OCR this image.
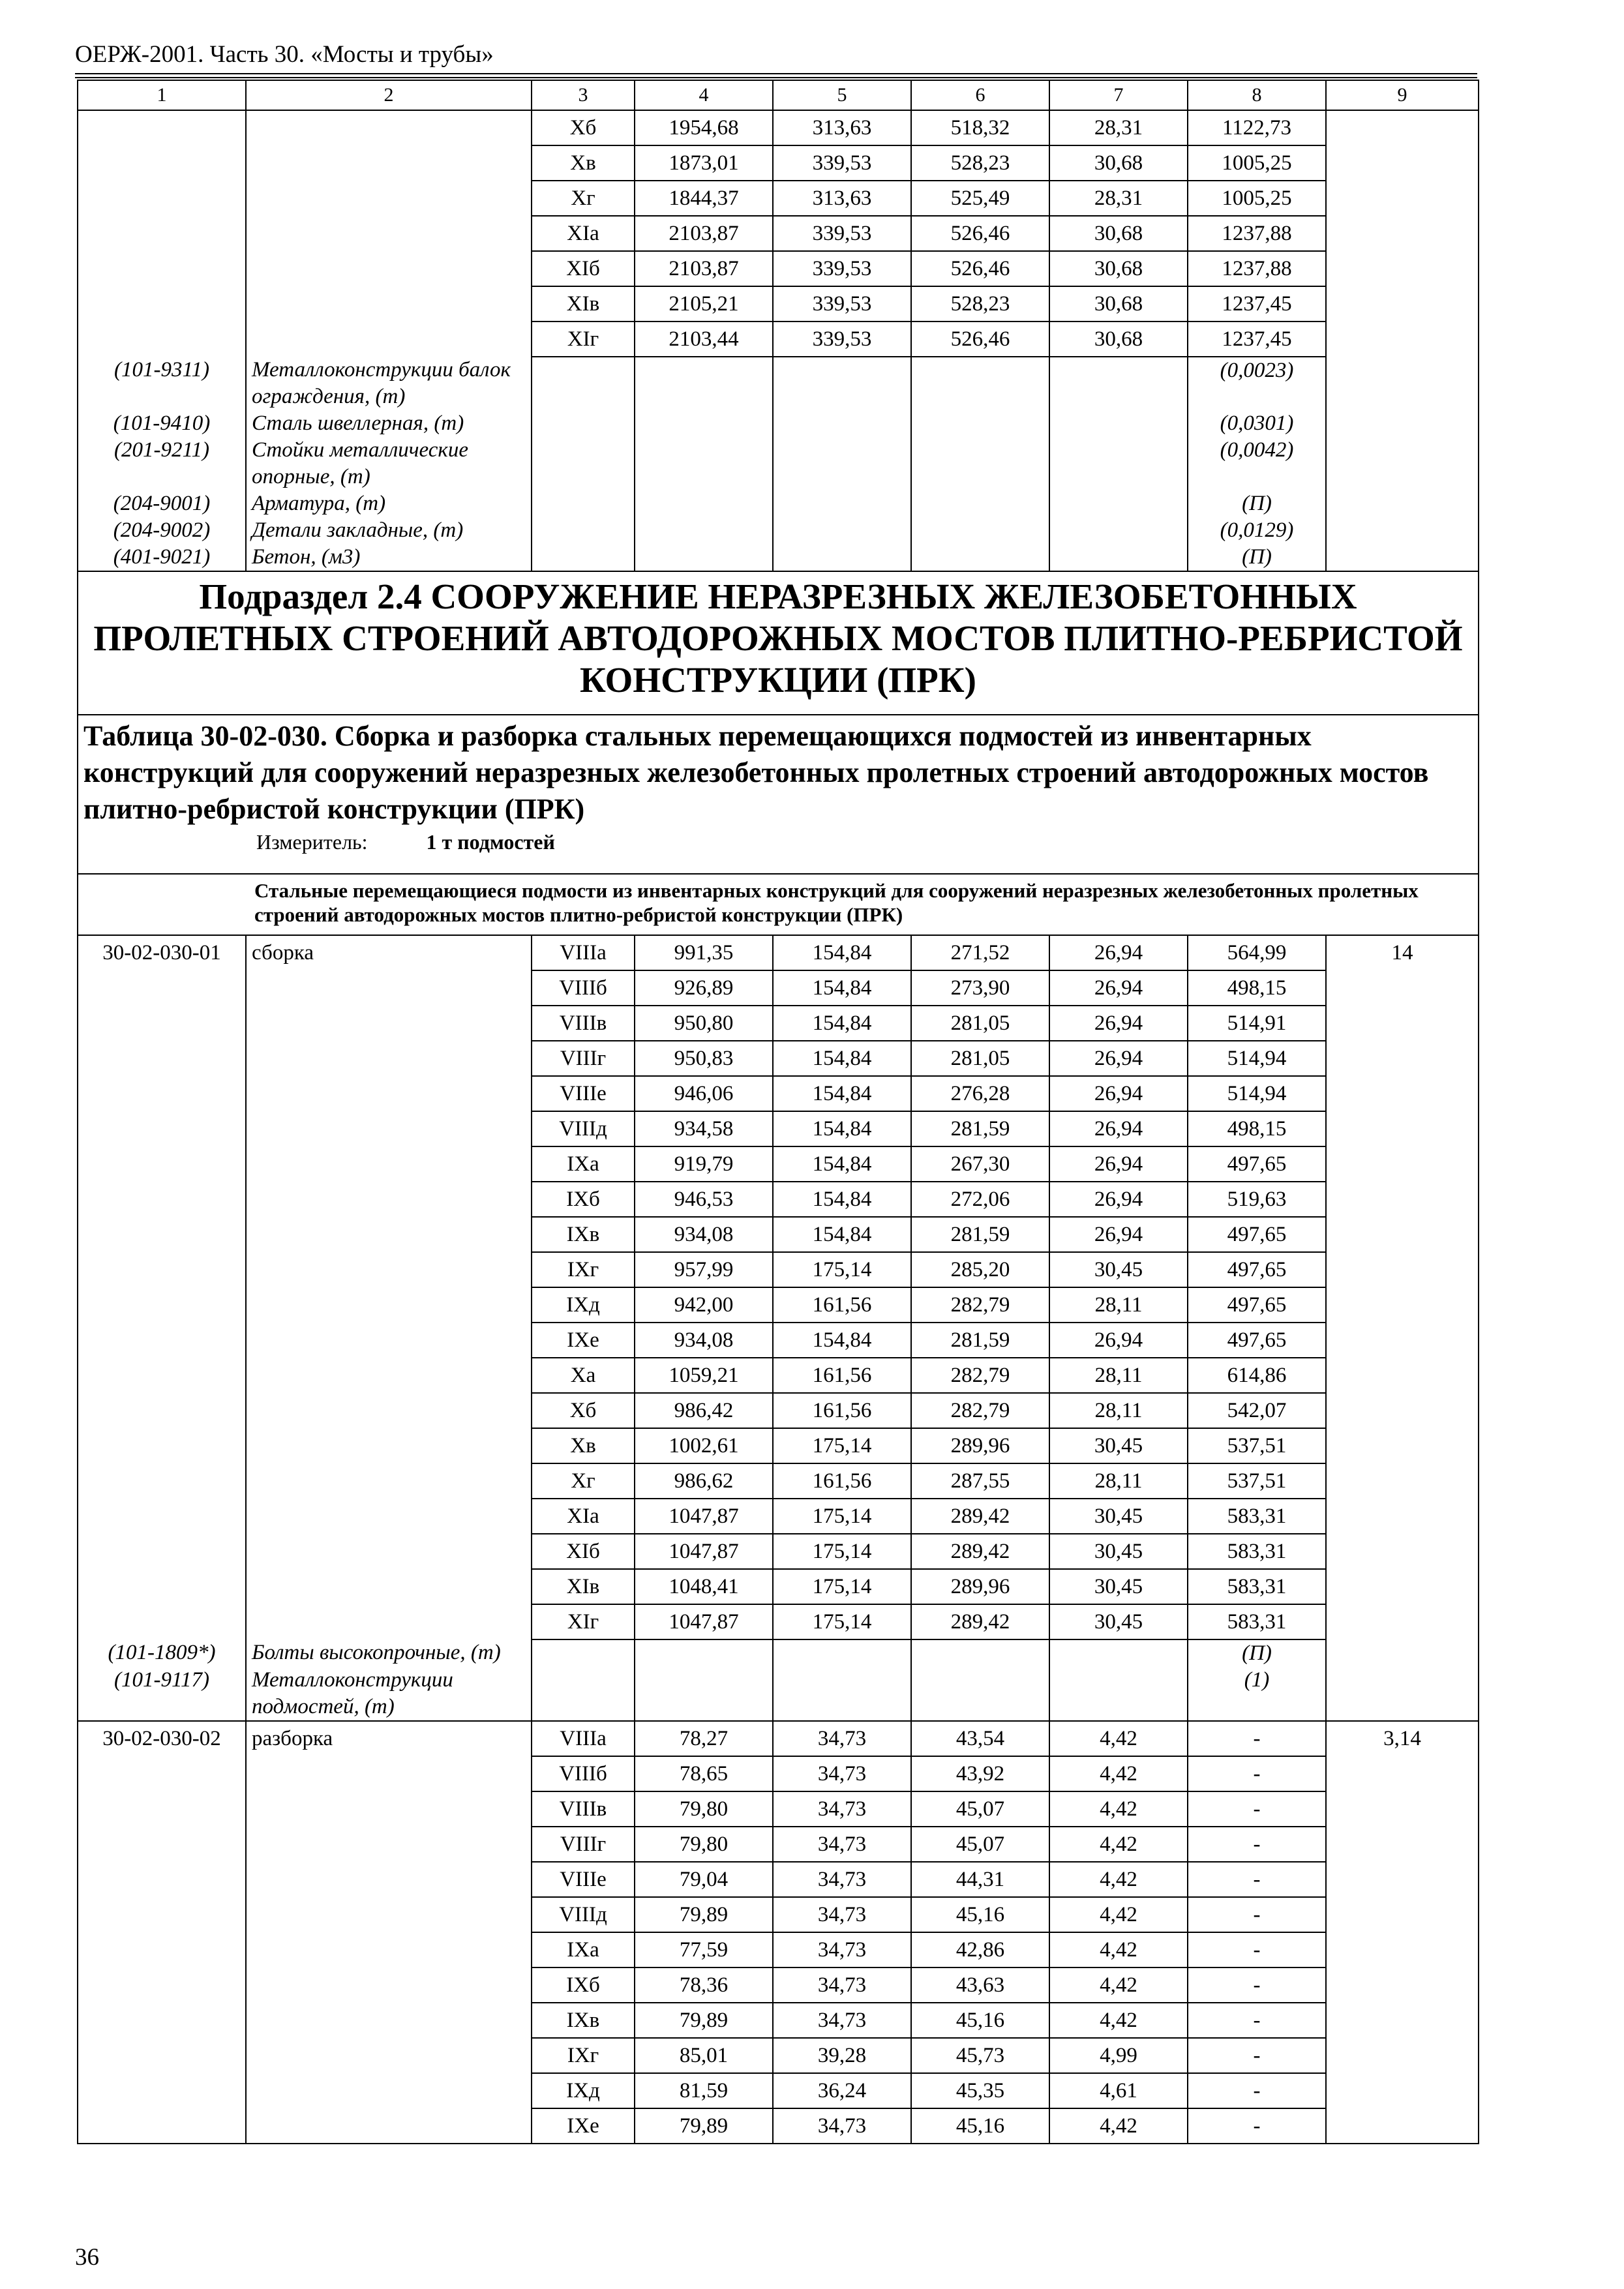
ОЕРЖ-2001. Часть 30. «Мосты и трубы»
1	2	3	4	5	6	7	8	9
		Xб	1954,68	313,63	518,32	28,31	1122,73	
		Xв	1873,01	339,53	528,23	30,68	1005,25	
		Xг	1844,37	313,63	525,49	28,31	1005,25	
		XIа	2103,87	339,53	526,46	30,68	1237,88	
		XIб	2103,87	339,53	526,46	30,68	1237,88	
		XIв	2105,21	339,53	528,23	30,68	1237,45	
		XIг	2103,44	339,53	526,46	30,68	1237,45	
(101-9311)	Металлоконструкции балок ограждения, (т)						(0,0023)	
(101-9410)	Сталь швеллерная, (т)						(0,0301)	
(201-9211)	Стойки металлические опорные, (т)						(0,0042)	
(204-9001)	Арматура, (т)						(П)	
(204-9002)	Детали закладные, (т)						(0,0129)	
(401-9021)	Бетон, (м3)						(П)	
Подраздел 2.4 СООРУЖЕНИЕ НЕРАЗРЕЗНЫХ ЖЕЛЕЗОБЕТОННЫХ ПРОЛЕТНЫХ СТРОЕНИЙ АВТОДОРОЖНЫХ МОСТОВ ПЛИТНО-РЕБРИСТОЙ КОНСТРУКЦИИ (ПРК)								

Таблица 30-02-030. Сборка и разборка стальных перемещающихся подмостей из инвентарных конструкций для сооружений неразрезных железобетонных пролетных строений автодорожных мостов плитно-ребристой конструкции (ПРК)
Измеритель: 1 т подмостей								

Стальные перемещающиеся подмости из инвентарных конструкций для сооружений неразрезных железобетонных пролетных строений автодорожных мостов плитно-ребристой конструкции (ПРК)								

30-02-030-01	сборка	VIIIа	991,35	154,84	271,52	26,94	564,99	14
		VIIIб	926,89	154,84	273,90	26,94	498,15	
		VIIIв	950,80	154,84	281,05	26,94	514,91	
		VIIIг	950,83	154,84	281,05	26,94	514,94	
		VIIIе	946,06	154,84	276,28	26,94	514,94	
		VIIIд	934,58	154,84	281,59	26,94	498,15	
		IXа	919,79	154,84	267,30	26,94	497,65	
		IXб	946,53	154,84	272,06	26,94	519,63	
		IXв	934,08	154,84	281,59	26,94	497,65	
		IXг	957,99	175,14	285,20	30,45	497,65	
		IXд	942,00	161,56	282,79	28,11	497,65	
		IXе	934,08	154,84	281,59	26,94	497,65	
		Xа	1059,21	161,56	282,79	28,11	614,86	
		Xб	986,42	161,56	282,79	28,11	542,07	
		Xв	1002,61	175,14	289,96	30,45	537,51	
		Xг	986,62	161,56	287,55	28,11	537,51	
		XIа	1047,87	175,14	289,42	30,45	583,31	
		XIб	1047,87	175,14	289,42	30,45	583,31	
		XIв	1048,41	175,14	289,96	30,45	583,31	
		XIг	1047,87	175,14	289,42	30,45	583,31	
(101-1809*)	Болты высокопрочные, (т)						(П)	
(101-9117)	Металлоконструкции подмостей, (т)						(1)	
30-02-030-02	разборка	VIIIа	78,27	34,73	43,54	4,42	-	3,14
		VIIIб	78,65	34,73	43,92	4,42	-	
		VIIIв	79,80	34,73	45,07	4,42	-	
		VIIIг	79,80	34,73	45,07	4,42	-	
		VIIIе	79,04	34,73	44,31	4,42	-	
		VIIIд	79,89	34,73	45,16	4,42	-	
		IXа	77,59	34,73	42,86	4,42	-	
		IXб	78,36	34,73	43,63	4,42	-	
		IXв	79,89	34,73	45,16	4,42	-	
		IXг	85,01	39,28	45,73	4,99	-	
		IXд	81,59	36,24	45,35	4,61	-	
		IXе	79,89	34,73	45,16	4,42	-	
36
